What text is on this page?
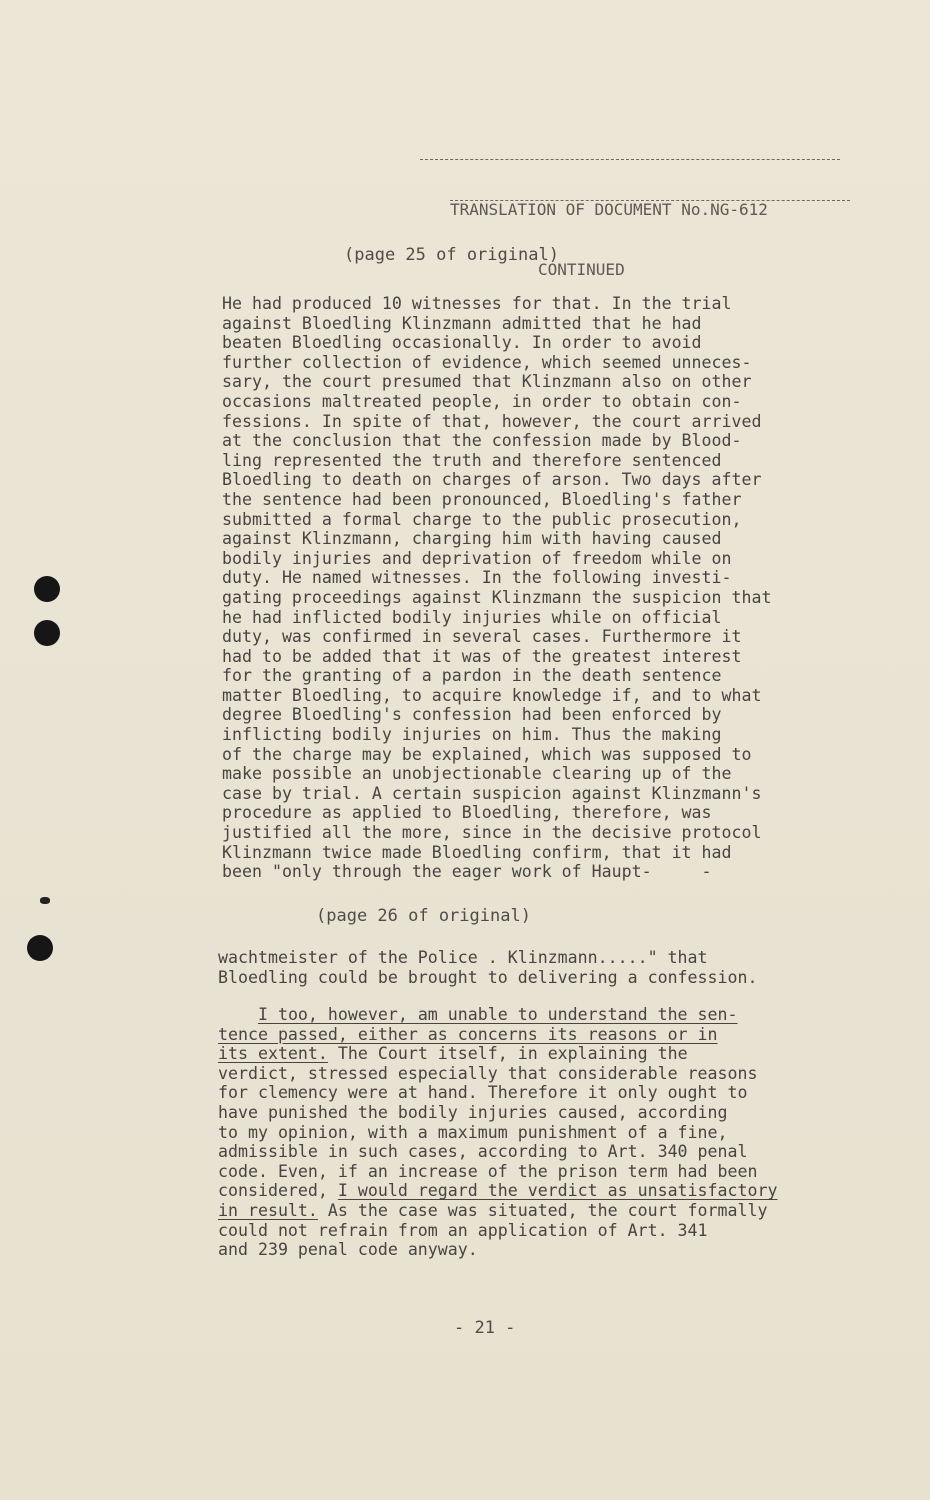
TRANSLATION OF DOCUMENT No.NG-612

CONTINUED

(page 25 of original)
He had produced 10 witnesses for that. In the trial
against Bloedling Klinzmann admitted that he had
beaten Bloedling occasionally. In order to avoid
further collection of evidence, which seemed unneces-
sary, the court presumed that Klinzmann also on other
occasions maltreated people, in order to obtain con-
fessions. In spite of that, however, the court arrived
at the conclusion that the confession made by Blood-
ling represented the truth and therefore sentenced
Bloedling to death on charges of arson. Two days after
the sentence had been pronounced, Bloedling's father
submitted a formal charge to the public prosecution,
against Klinzmann, charging him with having caused
bodily injuries and deprivation of freedom while on
duty. He named witnesses. In the following investi-
gating proceedings against Klinzmann the suspicion that
he had inflicted bodily injuries while on official
duty, was confirmed in several cases. Furthermore it
had to be added that it was of the greatest interest
for the granting of a pardon in the death sentence
matter Bloedling, to acquire knowledge if, and to what
degree Bloedling's confession had been enforced by
inflicting bodily injuries on him. Thus the making
of the charge may be explained, which was supposed to
make possible an unobjectionable clearing up of the
case by trial. A certain suspicion against Klinzmann's
procedure as applied to Bloedling, therefore, was
justified all the more, since in the decisive protocol
Klinzmann twice made Bloedling confirm, that it had
been "only through the eager work of Haupt-     -
(page 26 of original)
wachtmeister of the Police . Klinzmann....." that
Bloedling could be brought to delivering a confession.
I too, however, am unable to understand the sen-
tence passed, either as concerns its reasons or in
its extent. The Court itself, in explaining the
verdict, stressed especially that considerable reasons
for clemency were at hand. Therefore it only ought to
have punished the bodily injuries caused, according
to my opinion, with a maximum punishment of a fine,
admissible in such cases, according to Art. 340 penal
code. Even, if an increase of the prison term had been
considered, I would regard the verdict as unsatisfactory
in result. As the case was situated, the court formally
could not refrain from an application of Art. 341
and 239 penal code anyway.
- 21 -
